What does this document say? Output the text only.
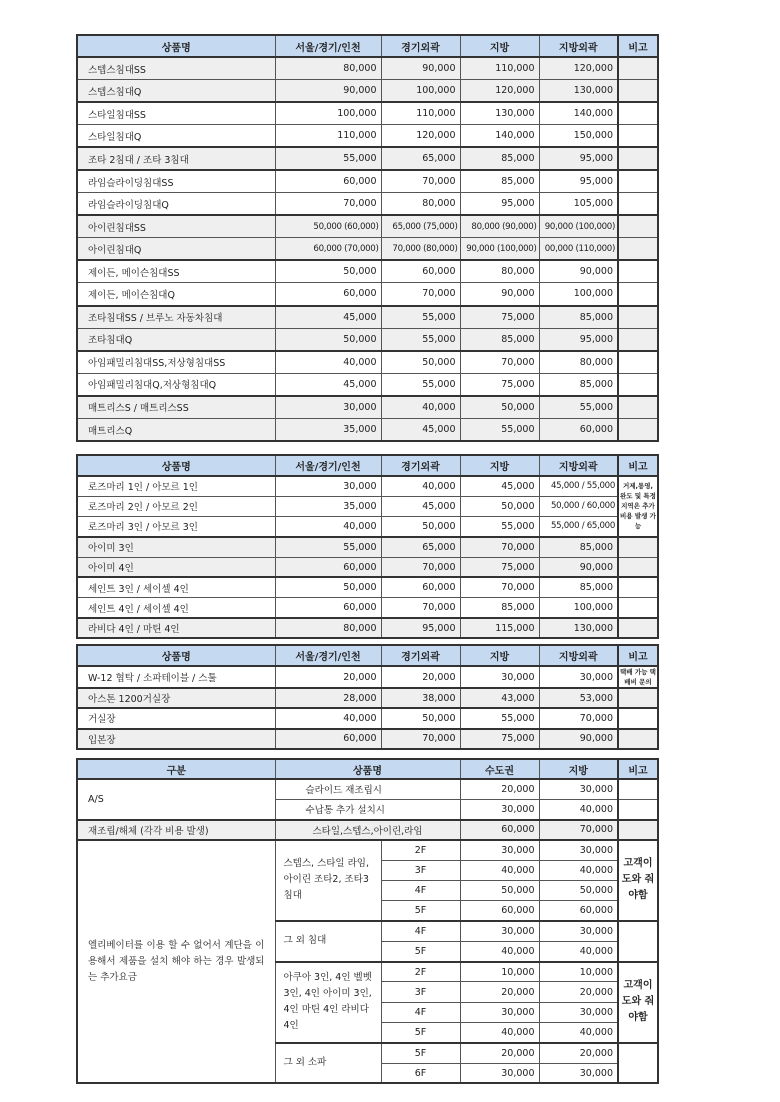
상품명	서울/경기/인천	경기외곽	지방	지방외곽	비고
스텝스침대SS	80,000	90,000	110,000	120,000	
스텝스침대Q	90,000	100,000	120,000	130,000	
스타일침대SS	100,000	110,000	130,000	140,000	
스타일침대Q	110,000	120,000	140,000	150,000	
조타 2침대 / 조타 3침대	55,000	65,000	85,000	95,000	
라임슬라이딩침대SS	60,000	70,000	85,000	95,000	
라임슬라이딩침대Q	70,000	80,000	95,000	105,000	
아이린침대SS	50,000 (60,000)	65,000 (75,000)	80,000 (90,000)	90,000 (100,000)	
아이린침대Q	60,000 (70,000)	70,000 (80,000)	90,000 (100,000)	00,000 (110,000)	
제이든, 메이슨침대SS	50,000	60,000	80,000	90,000	
제이든, 메이슨침대Q	60,000	70,000	90,000	100,000	
조타침대SS / 브루노 자동차침대	45,000	55,000	75,000	85,000	
조타침대Q	50,000	55,000	85,000	95,000	
아임패밀리침대SS,저상형침대SS	40,000	50,000	70,000	80,000	
아임패밀리침대Q,저상형침대Q	45,000	55,000	75,000	85,000	
매트리스S / 매트리스SS	30,000	40,000	50,000	55,000	
매트리스Q	35,000	45,000	55,000	60,000	
상품명	서울/경기/인천	경기외곽	지방	지방외곽	비고
로즈마리 1인 / 아모르 1인	30,000	40,000	45,000	45,000 / 55,000	거제,통영, 완도 및 특정 지역은 추가 비용 발생 가능
로즈마리 2인 / 아모르 2인	35,000	45,000	50,000	50,000 / 60,000	
로즈마리 3인 / 아모르 3인	40,000	50,000	55,000	55,000 / 65,000	
아이미 3인	55,000	65,000	70,000	85,000	
아이미 4인	60,000	70,000	75,000	90,000	
세인트 3인 / 세이셀 4인	50,000	60,000	70,000	85,000	
세인트 4인 / 세이셀 4인	60,000	70,000	85,000	100,000	
라비다 4인 / 마틴 4인	80,000	95,000	115,000	130,000	
상품명	서울/경기/인천	경기외곽	지방	지방외곽	비고
W-12 협탁 / 소파테이블 / 스툴	20,000	20,000	30,000	30,000	택배 가능 택배비 문의
아스톤 1200거실장	28,000	38,000	43,000	53,000	
거실장	40,000	50,000	55,000	70,000	
입본장	60,000	70,000	75,000	90,000	
구분	상품명		수도권	지방	비고
A/S	슬라이드 재조립시		20,000	30,000	
	수납통 추가 설치시		30,000	40,000	
재조립/해체 (각각 비용 발생)	스타일,스텝스,아이린,라임		60,000	70,000	
엘리베이터를 이용 할 수 없어서 계단을 이용해서 제품을 설치 해야 하는 경우 발생되는 추가요금	스텝스, 스타일 라임, 아이린 조타2, 조타3 침대	2F	30,000	30,000	고객이 도와 줘야함
		3F	40,000	40,000	
		4F	50,000	50,000	
		5F	60,000	60,000	
	그 외 침대	4F	30,000	30,000	
		5F	40,000	40,000	
	아쿠아 3인, 4인 벨벳 3인, 4인 아이미 3인, 4인 마틴 4인 라비다 4인	2F	10,000	10,000	고객이 도와 줘야함
		3F	20,000	20,000	
		4F	30,000	30,000	
		5F	40,000	40,000	
	그 외 소파	5F	20,000	20,000	
		6F	30,000	30,000	
